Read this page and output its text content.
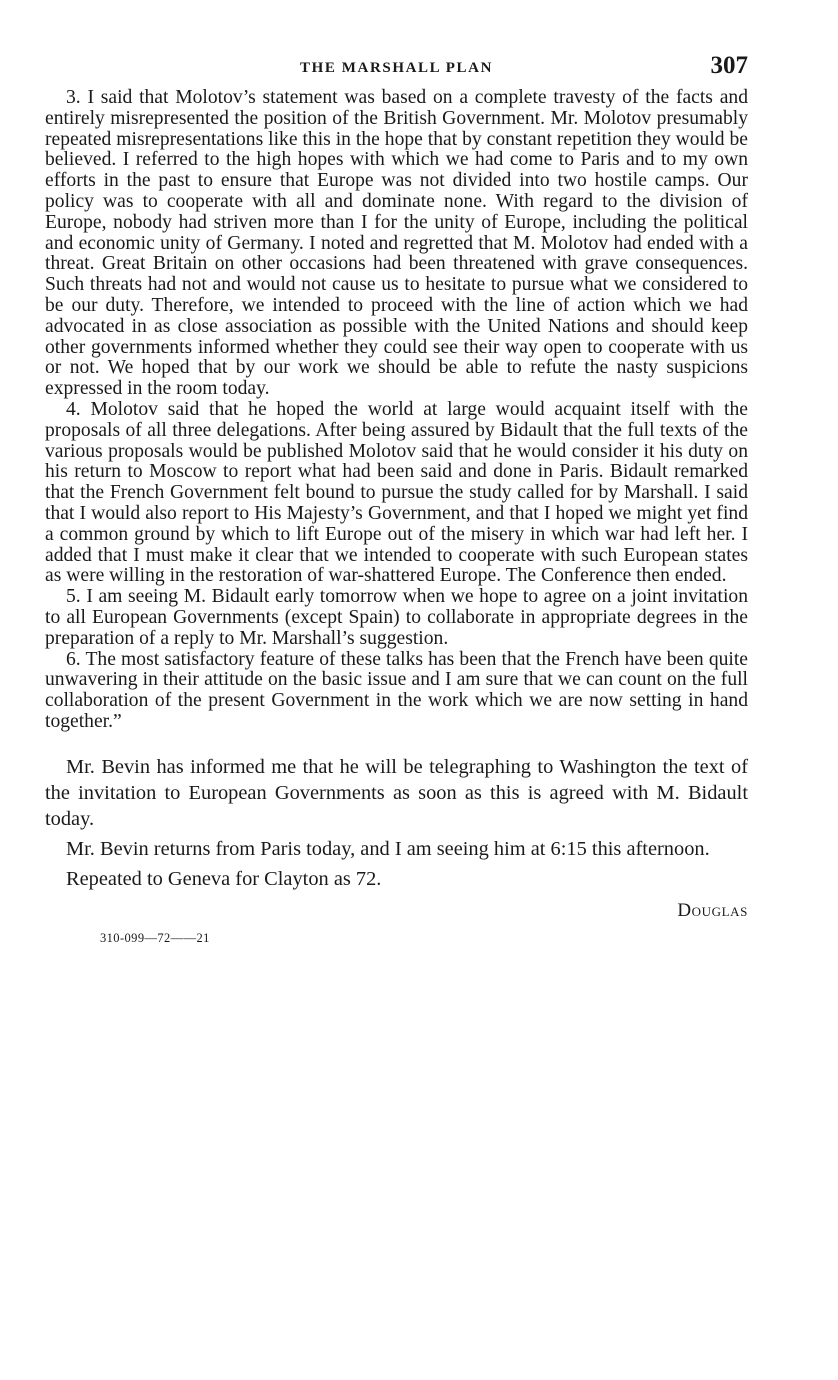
THE MARSHALL PLAN	307

3. I said that Molotov’s statement was based on a complete travesty of the facts and entirely misrepresented the position of the British Government. Mr. Molotov presumably repeated misrepresentations like this in the hope that by constant repetition they would be believed. I referred to the high hopes with which we had come to Paris and to my own efforts in the past to ensure that Europe was not divided into two hostile camps. Our policy was to cooperate with all and dominate none. With regard to the division of Europe, nobody had striven more than I for the unity of Europe, including the political and economic unity of Germany. I noted and regretted that M. Molotov had ended with a threat. Great Britain on other occasions had been threatened with grave consequences. Such threats had not and would not cause us to hesitate to pursue what we considered to be our duty. Therefore, we intended to proceed with the line of action which we had advocated in as close association as possible with the United Nations and should keep other governments informed whether they could see their way open to cooperate with us or not. We hoped that by our work we should be able to refute the nasty suspicions expressed in the room today.

4. Molotov said that he hoped the world at large would acquaint itself with the proposals of all three delegations. After being assured by Bidault that the full texts of the various proposals would be published Molotov said that he would consider it his duty on his return to Moscow to report what had been said and done in Paris. Bidault remarked that the French Government felt bound to pursue the study called for by Marshall. I said that I would also report to His Majesty’s Government, and that I hoped we might yet find a common ground by which to lift Europe out of the misery in which war had left her. I added that I must make it clear that we intended to cooperate with such European states as were willing in the restoration of war-shattered Europe. The Conference then ended.

5. I am seeing M. Bidault early tomorrow when we hope to agree on a joint invitation to all European Governments (except Spain) to collaborate in appropriate degrees in the preparation of a reply to Mr. Marshall’s suggestion.

6. The most satisfactory feature of these talks has been that the French have been quite unwavering in their attitude on the basic issue and I am sure that we can count on the full collaboration of the present Government in the work which we are now setting in hand together.”

Mr. Bevin has informed me that he will be telegraphing to Washington the text of the invitation to European Governments as soon as this is agreed with M. Bidault today.

Mr. Bevin returns from Paris today, and I am seeing him at 6:15 this afternoon.

Repeated to Geneva for Clayton as 72.

Douglas
310-099—72——21
